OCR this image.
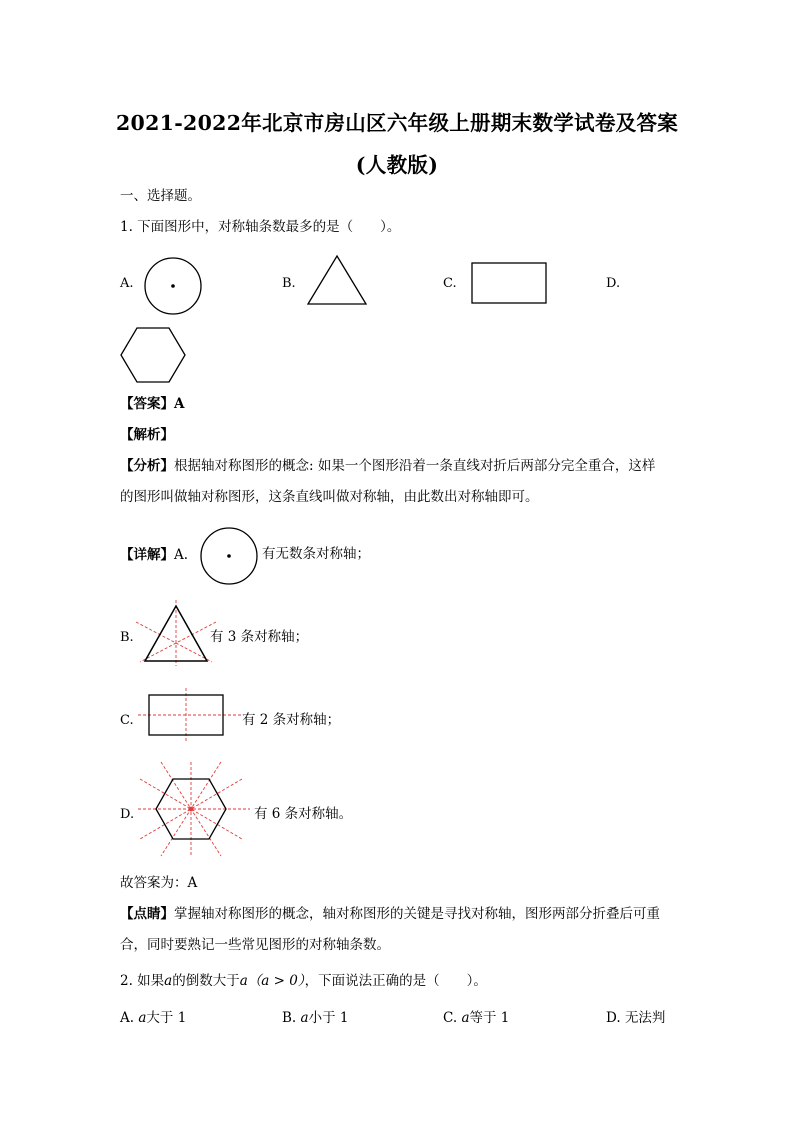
2021-2022年北京市房山区六年级上册期末数学试卷及答案
(人教版)
一、选择题。
1. 下面图形中，对称轴条数最多的是（　　）。
A.	B.	C.	D.
【答案】A
【解析】
【分析】根据轴对称图形的概念: 如果一个图形沿着一条直线对折后两部分完全重合，这样
的图形叫做轴对称图形，这条直线叫做对称轴，由此数出对称轴即可。
【详解】A.	有无数条对称轴；
B.	有 3 条对称轴；
C.	有 2 条对称轴；
D.	有 6 条对称轴。
故答案为：A
【点睛】掌握轴对称图形的概念，轴对称图形的关键是寻找对称轴，图形两部分折叠后可重
合，同时要熟记一些常见图形的对称轴条数。
2. 如果a的倒数大于a（a > 0），下面说法正确的是（　　）。
A. a大于 1	B. a小于 1	C. a等于 1	D. 无法判
